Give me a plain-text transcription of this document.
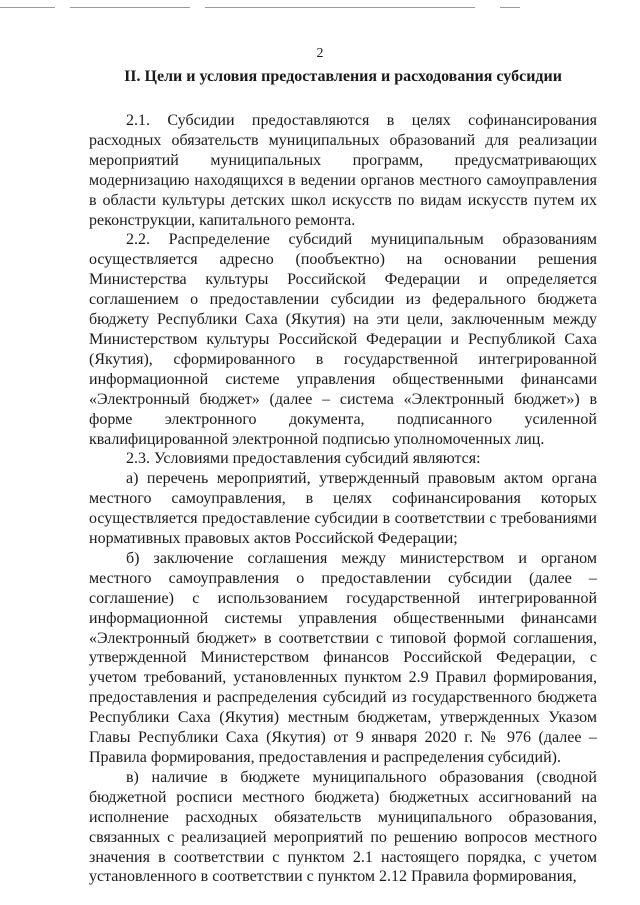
2
II. Цели и условия предоставления и расходования субсидии

2.1. Субсидии предоставляются в целях софинансирования расходных обязательств муниципальных образований для реализации мероприятий муниципальных программ, предусматривающих модернизацию находящихся в ведении органов местного самоуправления в области культуры детских школ искусств по видам искусств путем их реконструкции, капитального ремонта.

2.2. Распределение субсидий муниципальным образованиям осуществляется адресно (пообъектно) на основании решения Министерства культуры Российской Федерации и определяется соглашением о предоставлении субсидии из федерального бюджета бюджету Республики Саха (Якутия) на эти цели, заключенным между Министерством культуры Российской Федерации и Республикой Саха (Якутия), сформированного в государственной интегрированной информационной системе управления общественными финансами «Электронный бюджет» (далее – система «Электронный бюджет») в форме электронного документа, подписанного усиленной квалифицированной электронной подписью уполномоченных лиц.

2.3. Условиями предоставления субсидий являются:

а) перечень мероприятий, утвержденный правовым актом органа местного самоуправления, в целях софинансирования которых осуществляется предоставление субсидии в соответствии с требованиями нормативных правовых актов Российской Федерации;

б) заключение соглашения между министерством и органом местного самоуправления о предоставлении субсидии (далее – соглашение) с использованием государственной интегрированной информационной системы управления общественными финансами «Электронный бюджет» в соответствии с типовой формой соглашения, утвержденной Министерством финансов Российской Федерации, с учетом требований, установленных пунктом 2.9 Правил формирования, предоставления и распределения субсидий из государственного бюджета Республики Саха (Якутия) местным бюджетам, утвержденных Указом Главы Республики Саха (Якутия) от 9 января 2020 г. № 976 (далее – Правила формирования, предоставления и распределения субсидий).

в) наличие в бюджете муниципального образования (сводной бюджетной росписи местного бюджета) бюджетных ассигнований на исполнение расходных обязательств муниципального образования, связанных с реализацией мероприятий по решению вопросов местного значения в соответствии с пунктом 2.1 настоящего порядка, с учетом установленного в соответствии с пунктом 2.12 Правила формирования,
